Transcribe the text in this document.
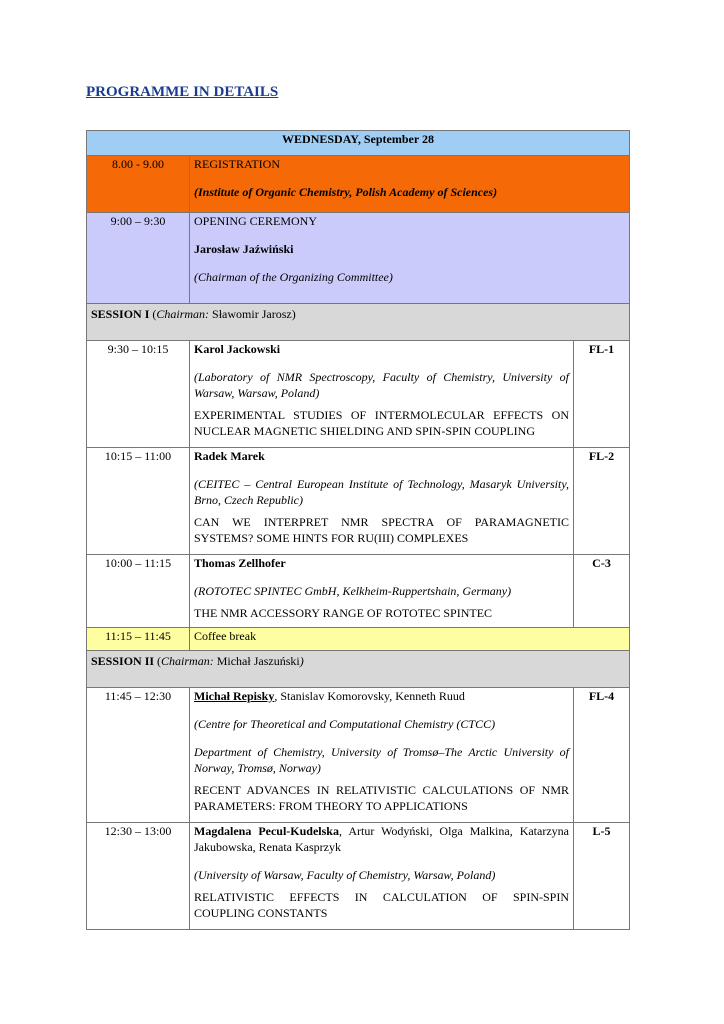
PROGRAMME IN DETAILS
WEDNESDAY, September 28		
8.00 - 9.00	REGISTRATION

(Institute of Organic Chemistry, Polish Academy of Sciences)	

9:00 – 9:30	OPENING CEREMONY

Jarosław Jaźwiński

(Chairman of the Organizing Committee)	

SESSION I (Chairman: Sławomir Jarosz)		
9:30 – 10:15	Karol Jackowski

(Laboratory of NMR Spectroscopy, Faculty of Chemistry, University of Warsaw, Warsaw, Poland)

EXPERIMENTAL STUDIES OF INTERMOLECULAR EFFECTS ON NUCLEAR MAGNETIC SHIELDING AND SPIN-SPIN COUPLING	FL-1
10:15 – 11:00	Radek Marek

(CEITEC – Central European Institute of Technology, Masaryk University, Brno, Czech Republic)

CAN WE INTERPRET NMR SPECTRA OF PARAMAGNETIC SYSTEMS? SOME HINTS FOR RU(III) COMPLEXES	FL-2
10:00 – 11:15	Thomas Zellhofer

(ROTOTEC SPINTEC GmbH, Kelkheim-Ruppertshain, Germany)

THE NMR ACCESSORY RANGE OF ROTOTEC SPINTEC	C-3
11:15 – 11:45	Coffee break	
SESSION II (Chairman: Michał Jaszuński)		
11:45 – 12:30	Michał Repisky, Stanislav Komorovsky, Kenneth Ruud

(Centre for Theoretical and Computational Chemistry (CTCC)

Department of Chemistry, University of Tromsø–The Arctic University of Norway, Tromsø, Norway)

RECENT ADVANCES IN RELATIVISTIC CALCULATIONS OF NMR PARAMETERS: FROM THEORY TO APPLICATIONS	FL-4
12:30 – 13:00	Magdalena Pecul-Kudelska, Artur Wodyński, Olga Malkina, Katarzyna Jakubowska, Renata Kasprzyk

(University of Warsaw, Faculty of Chemistry, Warsaw, Poland)

RELATIVISTIC EFFECTS IN CALCULATION OF SPIN-SPIN COUPLING CONSTANTS	L-5
